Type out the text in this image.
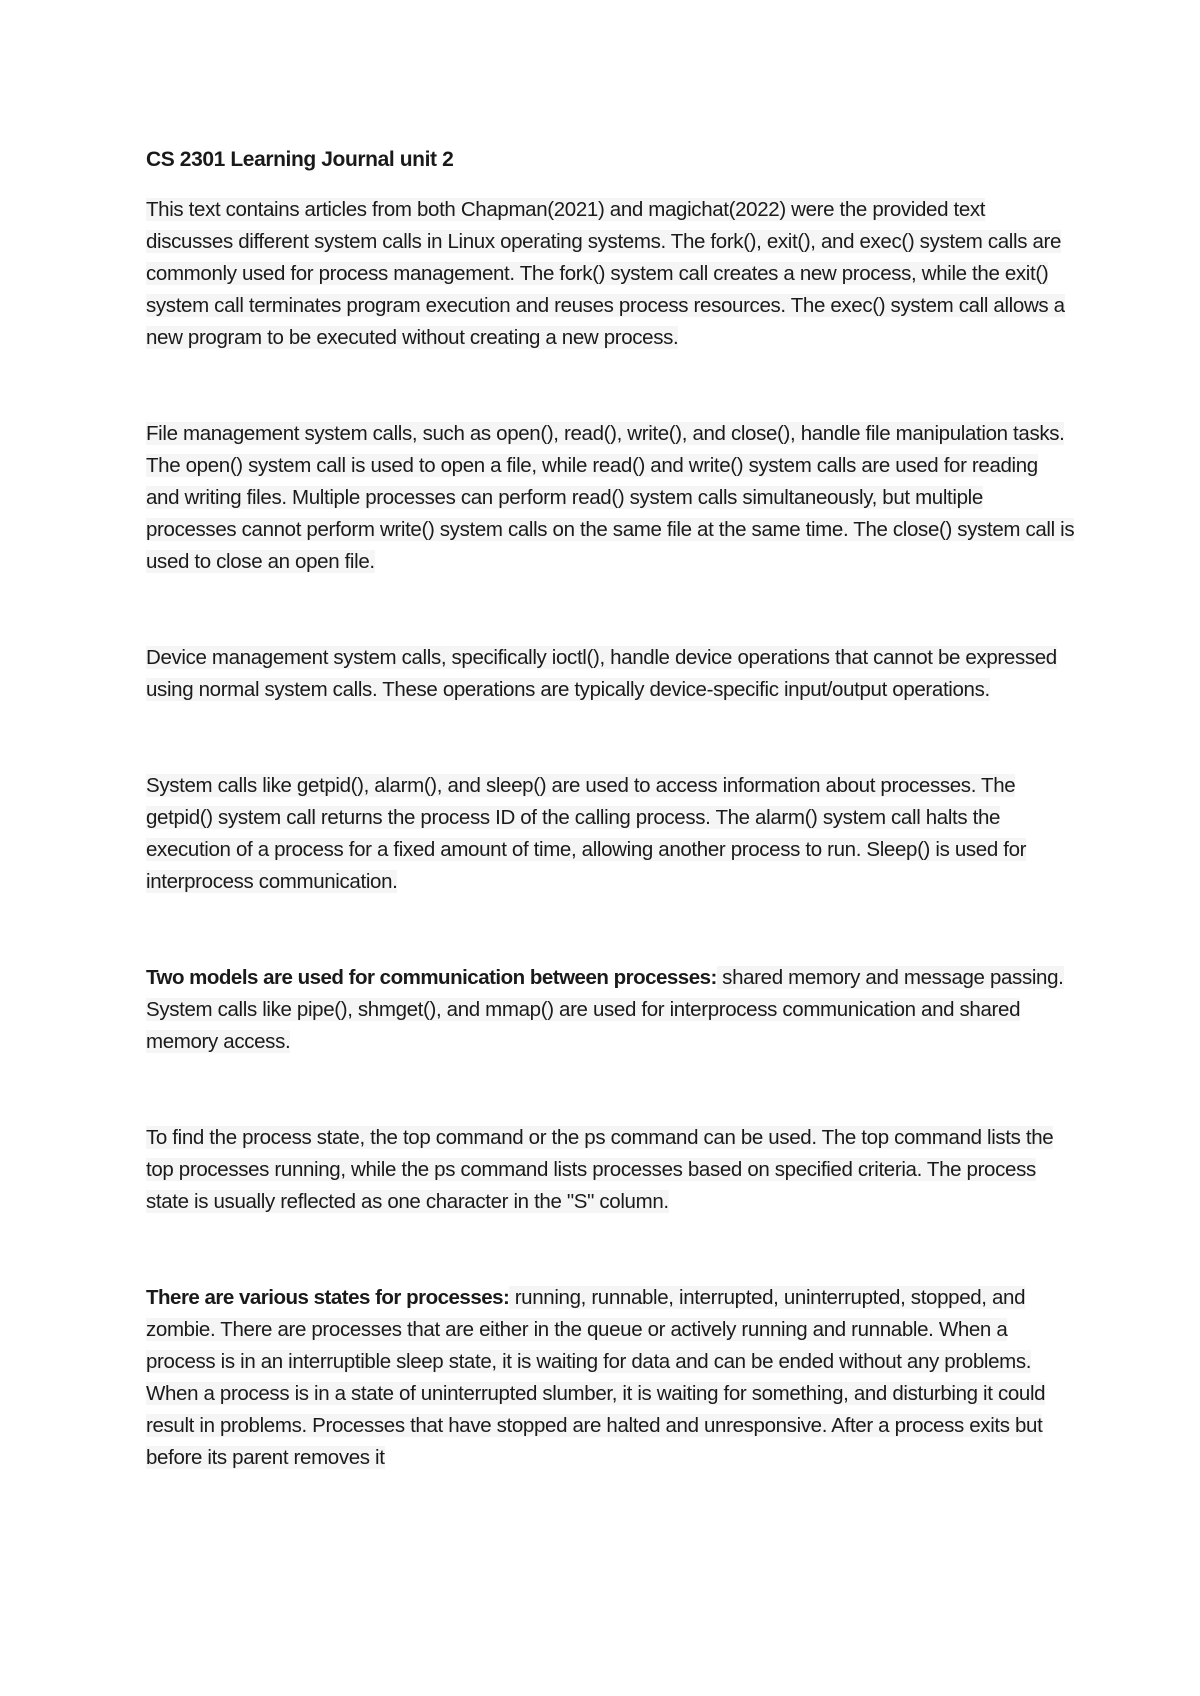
CS 2301 Learning Journal unit 2

This text contains articles from both Chapman(2021) and magichat(2022) were the provided text discusses different system calls in Linux operating systems. The fork(), exit(), and exec() system calls are commonly used for process management. The fork() system call creates a new process, while the exit() system call terminates program execution and reuses process resources. The exec() system call allows a new program to be executed without creating a new process.

File management system calls, such as open(), read(), write(), and close(), handle file manipulation tasks. The open() system call is used to open a file, while read() and write() system calls are used for reading and writing files. Multiple processes can perform read() system calls simultaneously, but multiple processes cannot perform write() system calls on the same file at the same time. The close() system call is used to close an open file.

Device management system calls, specifically ioctl(), handle device operations that cannot be expressed using normal system calls. These operations are typically device-specific input/output operations.

System calls like getpid(), alarm(), and sleep() are used to access information about processes. The getpid() system call returns the process ID of the calling process. The alarm() system call halts the execution of a process for a fixed amount of time, allowing another process to run. Sleep() is used for interprocess communication.

Two models are used for communication between processes: shared memory and message passing. System calls like pipe(), shmget(), and mmap() are used for interprocess communication and shared memory access.

To find the process state, the top command or the ps command can be used. The top command lists the top processes running, while the ps command lists processes based on specified criteria. The process state is usually reflected as one character in the "S" column.

There are various states for processes: running, runnable, interrupted, uninterrupted, stopped, and zombie. There are processes that are either in the queue or actively running and runnable. When a process is in an interruptible sleep state, it is waiting for data and can be ended without any problems. When a process is in a state of uninterrupted slumber, it is waiting for something, and disturbing it could result in problems. Processes that have stopped are halted and unresponsive. After a process exits but before its parent removes it
